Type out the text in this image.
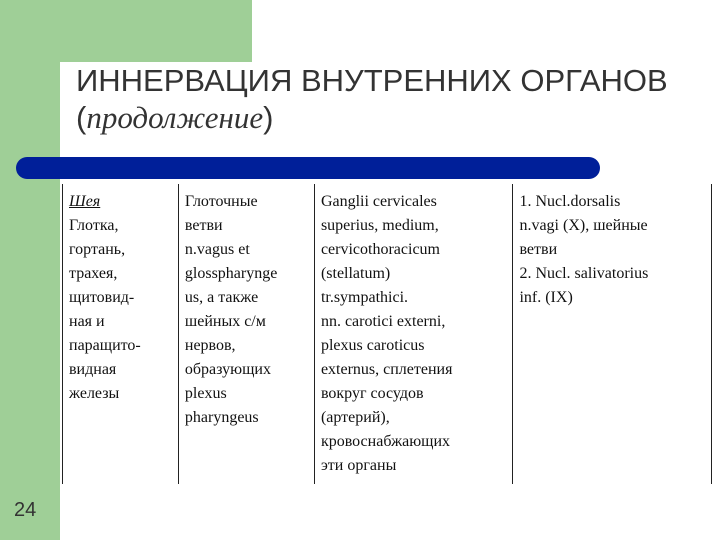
ИННЕРВАЦИЯ ВНУТРЕННИХ ОРГАНОВ (продолжение)
Шея
Глотка,
гортань,
трахея,
щитовид-
ная и
паращито-
видная
железы

Глоточные
ветви
n.vagus et
glosspharynge
us, а также
шейных с/м
нервов,
образующих
plexus
pharyngeus

Ganglii cervicales
superius, medium,
cervicothoracicum
(stellatum)
tr.sympathici.
nn. carotici externi,
plexus caroticus
externus, сплетения
вокруг сосудов
(артерий),
кровоснабжающих
эти органы

1. Nucl.dorsalis
n.vagi (X), шейные
ветви
2. Nucl. salivatorius
inf. (IX)
24
